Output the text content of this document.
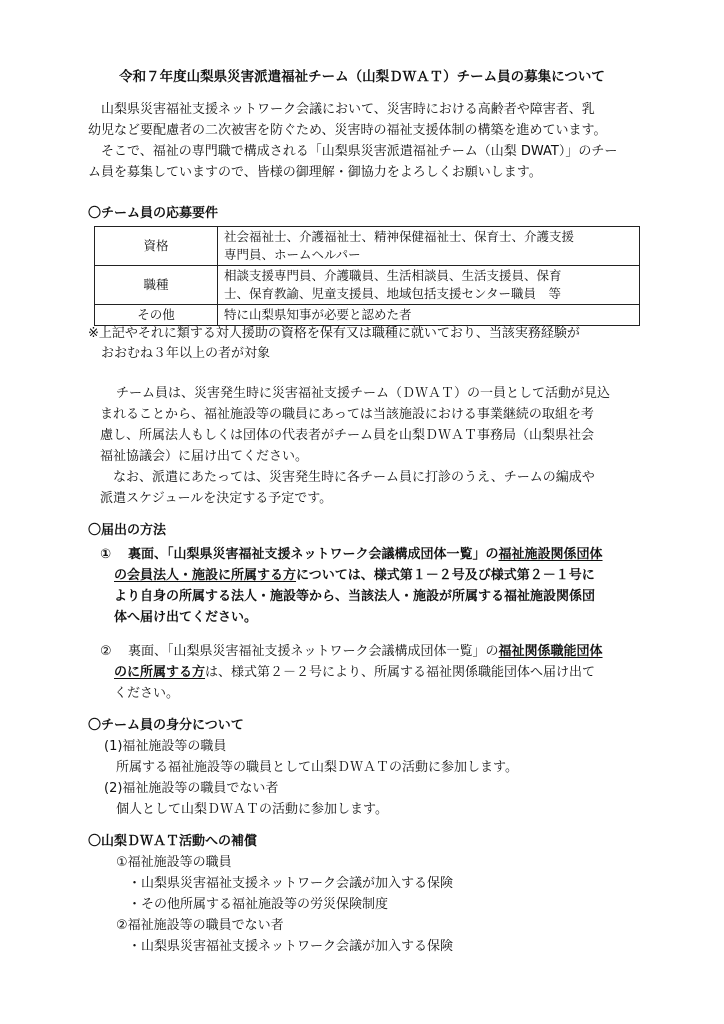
令和７年度山梨県災害派遣福祉チーム（山梨ＤＷＡＴ）チーム員の募集について
　山梨県災害福祉支援ネットワーク会議において、災害時における高齢者や障害者、乳
幼児など要配慮者の二次被害を防ぐため、災害時の福祉支援体制の構築を進めています。
　そこで、福祉の専門職で構成される「山梨県災害派遣福祉チーム（山梨 DWAT）」のチー
ム員を募集していますので、皆様の御理解・御協力をよろしくお願いします。
〇チーム員の応募要件
資格	社会福祉士、介護福祉士、精神保健福祉士、保育士、介護支援
専門員、ホームヘルパー

職種	相談支援専門員、介護職員、生活相談員、生活支援員、保育
士、保育教諭、児童支援員、地域包括支援センター職員　等

その他	特に山梨県知事が必要と認めた者
※上記やそれに類する対人援助の資格を保有又は職種に就いており、当該実務経験が
　おおむね３年以上の者が対象
チーム員は、災害発生時に災害福祉支援チーム（ＤＷＡＴ）の一員として活動が見込
まれることから、福祉施設等の職員にあっては当該施設における事業継続の取組を考
慮し、所属法人もしくは団体の代表者がチーム員を山梨ＤＷＡＴ事務局（山梨県社会
福祉協議会）に届け出てください。
　なお、派遣にあたっては、災害発生時に各チーム員に打診のうえ、チームの編成や
派遣スケジュールを決定する予定です。
〇届出の方法
① 裏面、「山梨県災害福祉支援ネットワーク会議構成団体一覧」の福祉施設関係団体
の会員法人・施設に所属する方については、様式第１－２号及び様式第２－１号に
より自身の所属する法人・施設等から、当該法人・施設が所属する福祉施設関係団
体へ届け出てください。
② 裏面、「山梨県災害福祉支援ネットワーク会議構成団体一覧」の福祉関係職能団体
のに所属する方は、様式第２－２号により、所属する福祉関係職能団体へ届け出て
ください。
〇チーム員の身分について
(1)福祉施設等の職員
所属する福祉施設等の職員として山梨ＤＷＡＴの活動に参加します。
(2)福祉施設等の職員でない者
個人として山梨ＤＷＡＴの活動に参加します。
〇山梨ＤＷＡＴ活動への補償
①福祉施設等の職員
・山梨県災害福祉支援ネットワーク会議が加入する保険
・その他所属する福祉施設等の労災保険制度
②福祉施設等の職員でない者
・山梨県災害福祉支援ネットワーク会議が加入する保険
